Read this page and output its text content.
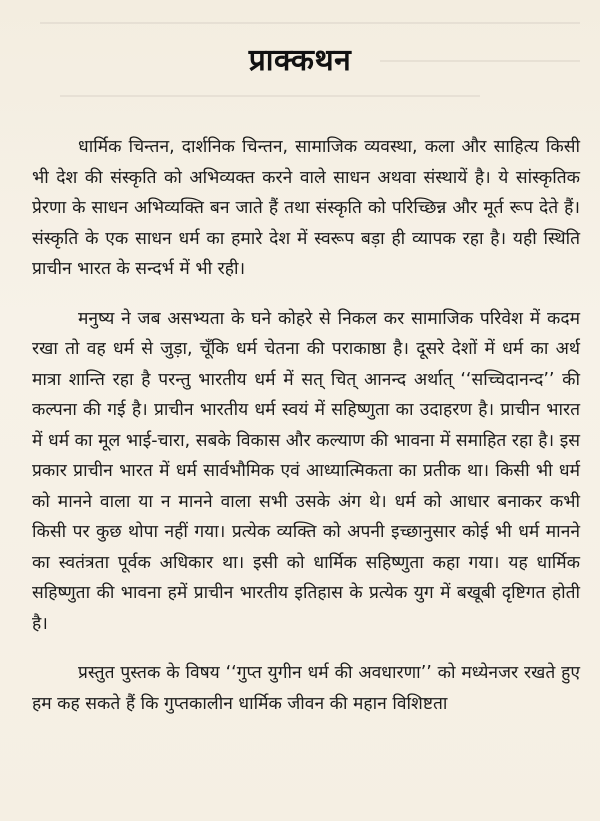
प्राक्कथन

धार्मिक चिन्तन, दार्शनिक चिन्तन, सामाजिक व्यवस्था, कला और साहित्य किसी भी देश की संस्कृति को अभिव्यक्त करने वाले साधन अथवा संस्थायें है। ये सांस्कृतिक प्रेरणा के साधन अभिव्यक्ति बन जाते हैं तथा संस्कृति को परिच्छिन्न और मूर्त रूप देते हैं। संस्कृति के एक साधन धर्म का हमारे देश में स्वरूप बड़ा ही व्यापक रहा है। यही स्थिति प्राचीन भारत के सन्दर्भ में भी रही।

मनुष्य ने जब असभ्यता के घने कोहरे से निकल कर सामाजिक परिवेश में कदम रखा तो वह धर्म से जुड़ा, चूँकि धर्म चेतना की पराकाष्ठा है। दूसरे देशों में धर्म का अर्थ मात्रा शान्ति रहा है परन्तु भारतीय धर्म में सत् चित् आनन्द अर्थात् ‘‘सच्चिदानन्द’’ की कल्पना की गई है। प्राचीन भारतीय धर्म स्वयं में सहिष्णुता का उदाहरण है। प्राचीन भारत में धर्म का मूल भाई-चारा, सबके विकास और कल्याण की भावना में समाहित रहा है। इस प्रकार प्राचीन भारत में धर्म सार्वभौमिक एवं आध्यात्मिकता का प्रतीक था। किसी भी धर्म को मानने वाला या न मानने वाला सभी उसके अंग थे। धर्म को आधार बनाकर कभी किसी पर कुछ थोपा नहीं गया। प्रत्येक व्यक्ति को अपनी इच्छानुसार कोई भी धर्म मानने का स्वतंत्रता पूर्वक अधिकार था। इसी को धार्मिक सहिष्णुता कहा गया। यह धार्मिक सहिष्णुता की भावना हमें प्राचीन भारतीय इतिहास के प्रत्येक युग में बखूबी दृष्टिगत होती है।

प्रस्तुत पुस्तक के विषय ‘‘गुप्त युगीन धर्म की अवधारणा’’ को मध्येनजर रखते हुए हम कह सकते हैं कि गुप्तकालीन धार्मिक जीवन की महान विशिष्टता
